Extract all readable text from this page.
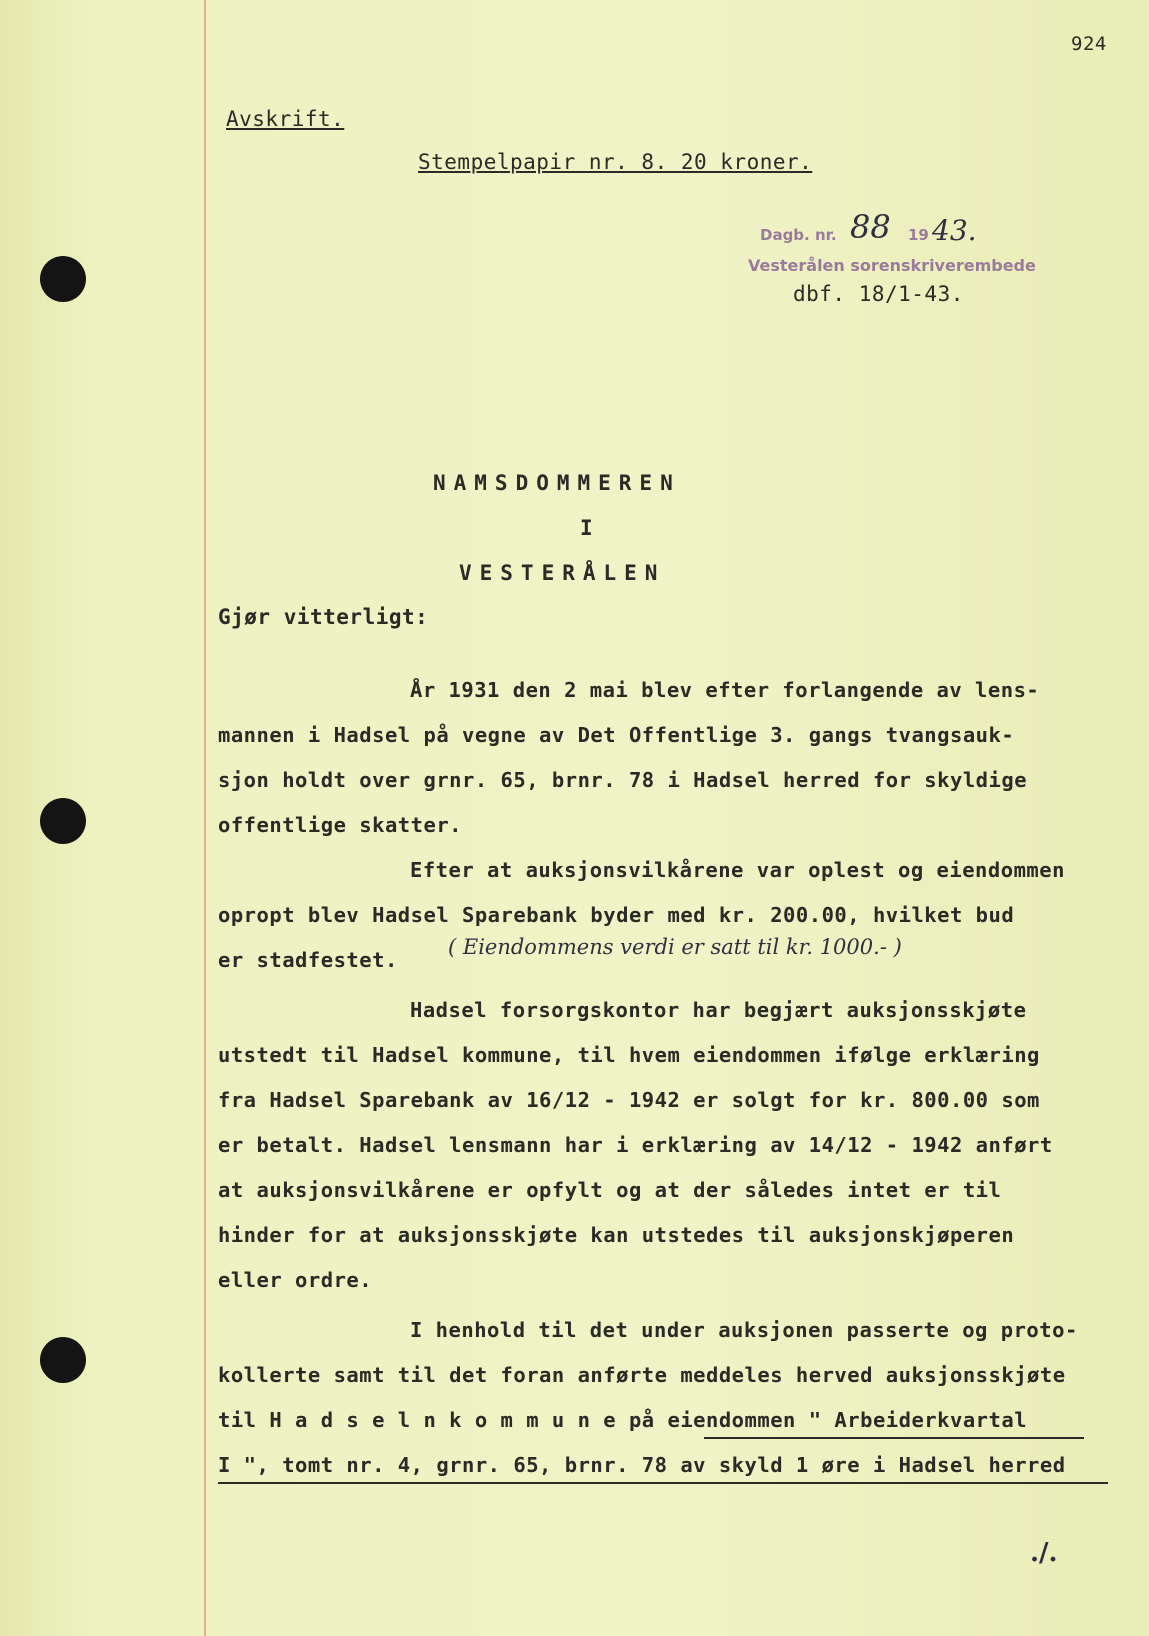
924
Avskrift.
Stempelpapir nr. 8. 20 kroner.
Dagb. nr. 88 19 43.
Vesterålen sorenskriverembede
dbf. 18/1-43.
NAMSDOMMEREN
I
VESTERÅLEN
Gjør vitterligt:
År 1931 den 2 mai blev efter forlangende av lens-
mannen i Hadsel på vegne av Det Offentlige 3. gangs tvangsauk-
sjon holdt over grnr. 65, brnr. 78 i Hadsel herred for skyldige
offentlige skatter.
Efter at auksjonsvilkårene var oplest og eiendommen
opropt blev Hadsel Sparebank byder med kr. 200.00, hvilket bud
er stadfestet.
( Eiendommens verdi er satt til kr. 1000.- )
Hadsel forsorgskontor har begjært auksjonsskjøte
utstedt til Hadsel kommune, til hvem eiendommen ifølge erklæring
fra Hadsel Sparebank av 16/12 - 1942 er solgt for kr. 800.00 som
er betalt. Hadsel lensmann har i erklæring av 14/12 - 1942 anført
at auksjonsvilkårene er opfylt og at der således intet er til
hinder for at auksjonsskjøte kan utstedes til auksjonskjøperen
eller ordre.
I henhold til det under auksjonen passerte og proto-
kollerte samt til det foran anførte meddeles herved auksjonsskjøte
til H a d s e l n k o m m u n e på eiendommen " Arbeiderkvartal
I ", tomt nr. 4, grnr. 65, brnr. 78 av skyld 1 øre i Hadsel herred
./.
